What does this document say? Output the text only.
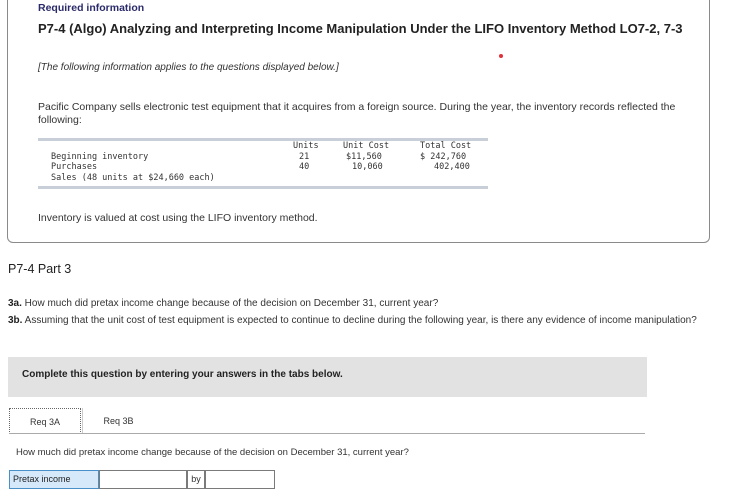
Required information
P7-4 (Algo) Analyzing and Interpreting Income Manipulation Under the LIFO Inventory Method LO7-2, 7-3
[The following information applies to the questions displayed below.]
Pacific Company sells electronic test equipment that it acquires from a foreign source. During the year, the inventory records reflected the following:
Units	Unit Cost	Total Cost
Beginning inventory	21	$11,560	$ 242,760
Purchases	40	10,060	402,400
Sales (48 units at $24,660 each)
Inventory is valued at cost using the LIFO inventory method.
P7-4 Part 3
3a. How much did pretax income change because of the decision on December 31, current year?
3b. Assuming that the unit cost of test equipment is expected to continue to decline during the following year, is there any evidence of income manipulation?
Complete this question by entering your answers in the tabs below.
Req 3A	Req 3B
How much did pretax income change because of the decision on December 31, current year?
Pretax income	by
